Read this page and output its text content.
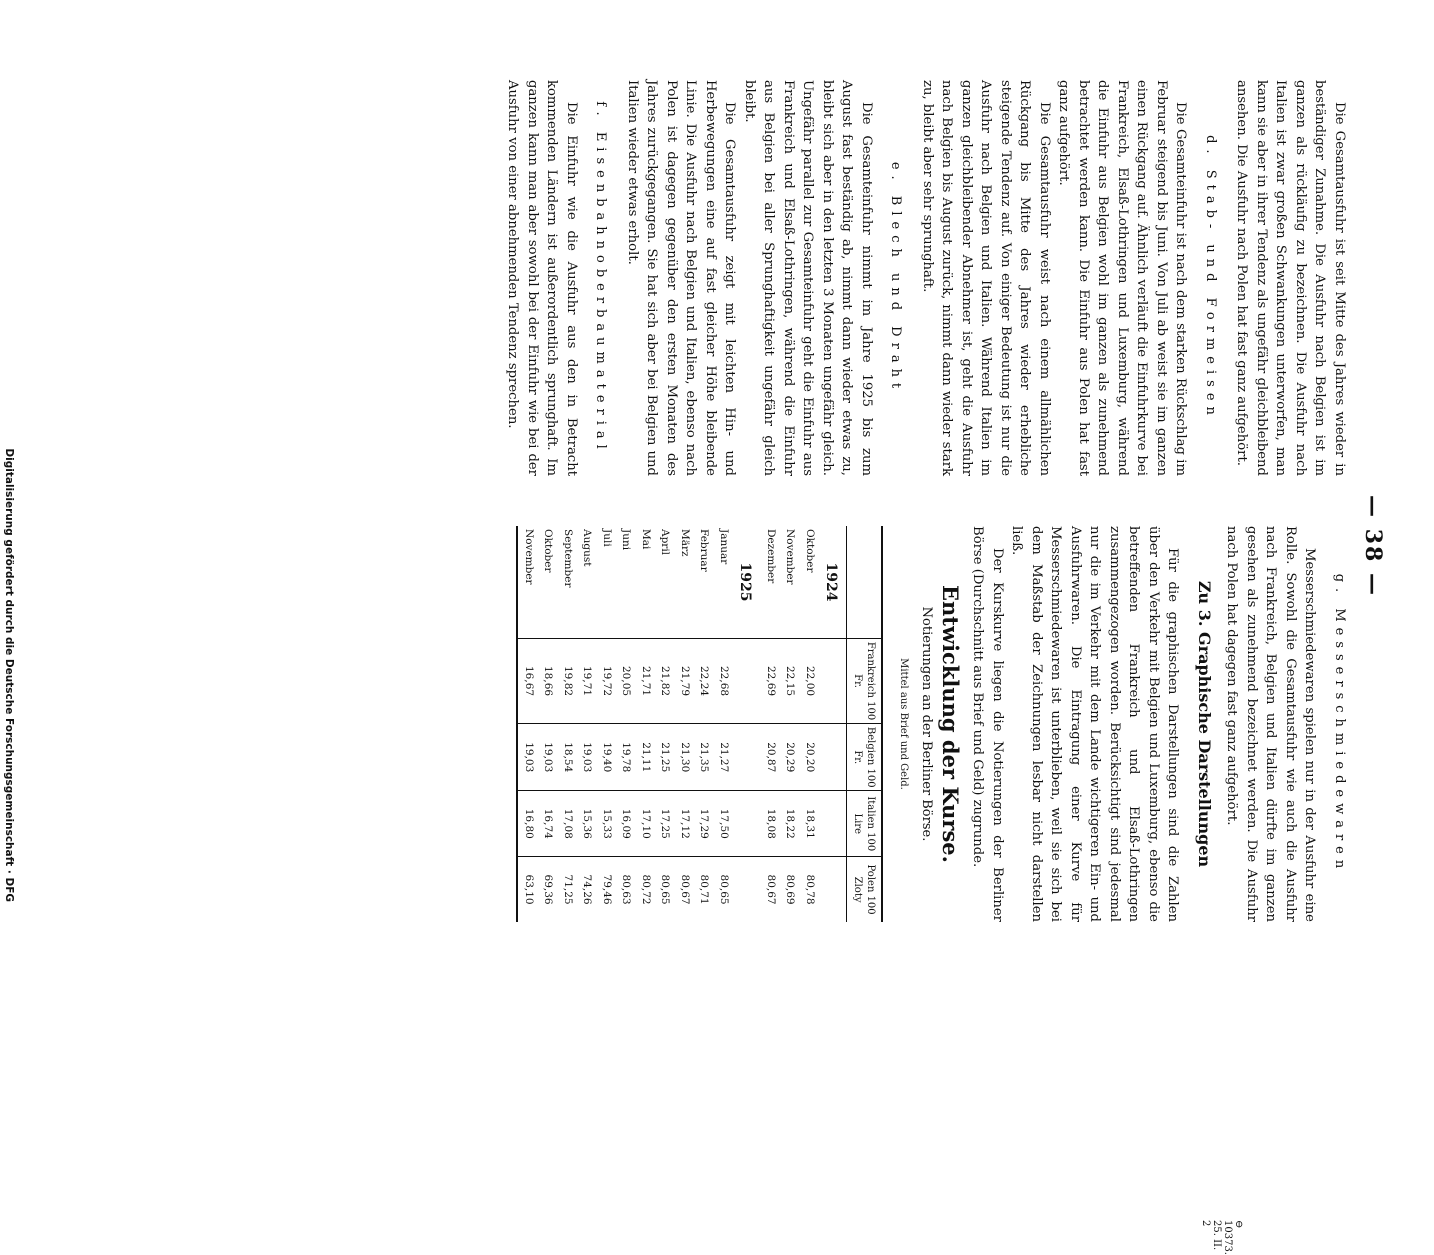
Digitalisierung gefördert durch die Deutsche Forschungsgemeinschaft · DFG	— 38 —

Die Gesamtausfuhr ist seit Mitte des Jahres wieder in beständiger Zunahme. Die Ausfuhr nach Belgien ist im ganzen als rückläufig zu bezeichnen. Die Ausfuhr nach Italien ist zwar großen Schwankungen unterworfen, man kann sie aber in ihrer Tendenz als ungefähr gleichbleibend ansehen. Die Ausfuhr nach Polen hat fast ganz aufgehört.

d. Stab- und Formeisen

Die Gesamteinfuhr ist nach dem starken Rückschlag im Februar steigend bis Juni. Von Juli ab weist sie im ganzen einen Rückgang auf. Ähnlich verläuft die Einfuhrkurve bei Frankreich, Elsaß-Lothringen und Luxemburg, während die Einfuhr aus Belgien wohl im ganzen als zunehmend betrachtet werden kann. Die Einfuhr aus Polen hat fast ganz aufgehört.

Die Gesamtausfuhr weist nach einem allmählichen Rückgang bis Mitte des Jahres wieder erhebliche steigende Tendenz auf. Von einiger Bedeutung ist nur die Ausfuhr nach Belgien und Italien. Während Italien im ganzen gleichbleibender Abnehmer ist, geht die Ausfuhr nach Belgien bis August zurück, nimmt dann wieder stark zu, bleibt aber sehr sprunghaft.

e. Blech und Draht

Die Gesamteinfuhr nimmt im Jahre 1925 bis zum August fast beständig ab, nimmt dann wieder etwas zu, bleibt sich aber in den letzten 3 Monaten ungefähr gleich. Ungefähr parallel zur Gesamteinfuhr geht die Einfuhr aus Frankreich und Elsaß-Lothringen, während die Einfuhr aus Belgien bei aller Sprunghaftigkeit ungefähr gleich bleibt.

Die Gesamtausfuhr zeigt mit leichten Hin- und Herbewegungen eine auf fast gleicher Höhe bleibende Linie. Die Ausfuhr nach Belgien und Italien, ebenso nach Polen ist dagegen gegenüber den ersten Monaten des Jahres zurückgegangen. Sie hat sich aber bei Belgien und Italien wieder etwas erholt.

f. Eisenbahnoberbaumaterial

Die Einfuhr wie die Ausfuhr aus den in Betracht kommenden Ländern ist außerordentlich sprunghaft. Im ganzen kann man aber sowohl bei der Einfuhr wie bei der Ausfuhr von einer abnehmenden Tendenz sprechen.

g. Messerschmiedewaren

Messerschmiedewaren spielen nur in der Ausfuhr eine Rolle. Sowohl die Gesamtausfuhr wie auch die Ausfuhr nach Frankreich, Belgien und Italien dürfte im ganzen gesehen als zunehmend bezeichnet werden. Die Ausfuhr nach Polen hat dagegen fast ganz aufgehört.

Zu 3. Graphische Darstellungen

Für die graphischen Darstellungen sind die Zahlen über den Verkehr mit Belgien und Luxemburg, ebenso die betreffenden Frankreich und Elsaß-Lothringen zusammengezogen worden. Berücksichtigt sind jedesmal nur die im Verkehr mit dem Lande wichtigeren Ein- und Ausfuhrwaren. Die Eintragung einer Kurve für Messerschmiedewaren ist unterblieben, weil sie sich bei dem Maßstab der Zeichnungen lesbar nicht darstellen ließ.

Der Kurskurve liegen die Notierungen der Berliner Börse (Durchschnitt aus Brief und Geld) zugrunde.

Entwicklung der Kurse.
Notierungen an der Berliner Börse.
Mittel aus Brief und Geld.
	Frankreich 100 Fr.	Belgien 100 Fr.	Italien 100 Lire	Polen 100 Zloty
1924				
Oktober	22,00	20,20	18,31	80,78
November	22,15	20,29	18,22	80,69
Dezember	22,69	20,87	18,08	80,67
1925				
Januar	22,68	21,27	17,50	80,65
Februar	22,24	21,35	17,29	80,71
März	21,79	21,30	17,12	80,67
April	21,82	21,25	17,25	80,65
Mai	21,71	21,11	17,10	80,72
Juni	20,05	19,78	16,09	80,63
Juli	19,72	19,40	15,33	79,46
August	19,71	19,03	15,36	74,26
September	19,82	18,54	17,08	71,25
Oktober	18,66	19,03	16,74	69,36
November	16,67	19,03	16,80	63,10
⊖ 10373. 25. II. 2
